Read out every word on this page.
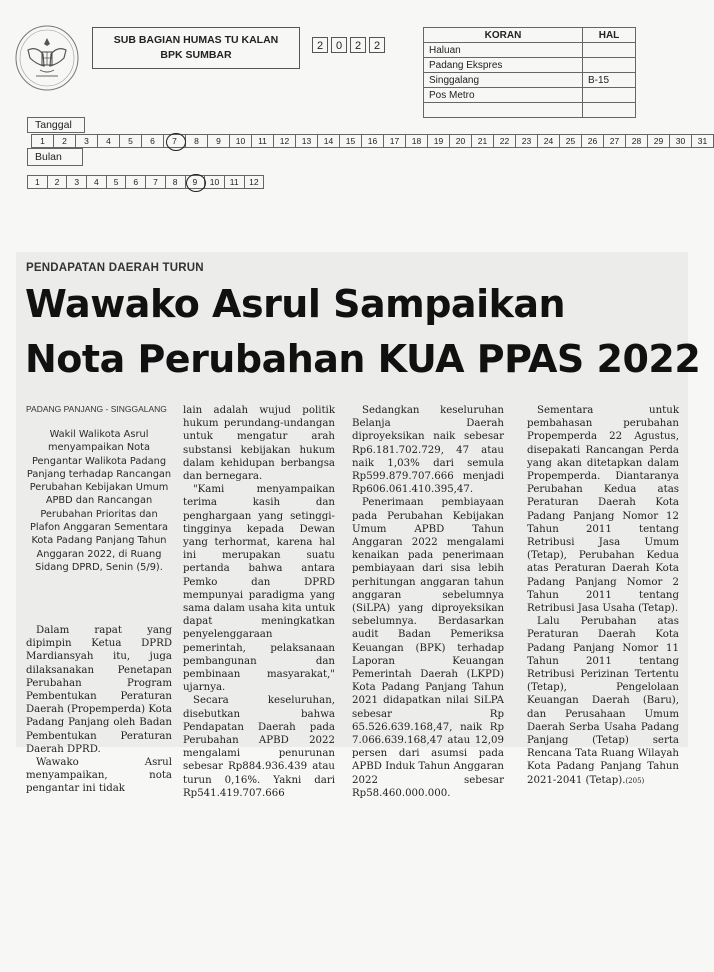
SUB BAGIAN HUMAS TU KALAN
BPK SUMBAR
2	0	2	2
KORAN	HAL
Haluan	
Padang Ekspres	
Singgalang	B-15
Pos Metro	

Tanggal
1	2	3	4	5	6	7	8	9	10	11	12	13	14	15	16	17	18	19	20	21	22	23	24	25	26	27	28	29	30	31
Bulan
1	2	3	4	5	6	7	8	9	10	11	12
PENDAPATAN DAERAH TURUN
Wawako Asrul Sampaikan
Nota Perubahan KUA PPAS 2022
PADANG PANJANG - SINGGALANG
Wakil Walikota Asrul menyampaikan Nota Pengantar Walikota Padang Panjang terhadap Rancangan Perubahan Kebijakan Umum APBD dan Rancangan Perubahan Prioritas dan Plafon Anggaran Sementara Kota Padang Panjang Tahun Anggaran 2022, di Ruang Sidang DPRD, Senin (5/9).

Dalam rapat yang dipimpin Ketua DPRD Mardiansyah itu, juga dilaksanakan Penetapan Perubahan Program Pembentukan Peraturan Daerah (Propemperda) Kota Padang Panjang oleh Badan Pembentukan Peraturan Daerah DPRD.

Wawako Asrul menyampaikan, nota pengantar ini tidak

lain adalah wujud politik hukum perundang-undangan untuk mengatur arah substansi kebijakan hukum dalam kehidupan berbangsa dan bernegara.

"Kami menyampaikan terima kasih dan penghargaan yang setinggi-tingginya kepada Dewan yang terhormat, karena hal ini merupakan suatu pertanda bahwa antara Pemko dan DPRD mempunyai paradigma yang sama dalam usaha kita untuk dapat meningkatkan penyelenggaraan pemerintah, pelaksanaan pembangunan dan pembinaan masyarakat," ujarnya.

Secara keseluruhan, disebutkan bahwa Pendapatan Daerah pada Perubahan APBD 2022 mengalami penurunan sebesar Rp884.936.439 atau turun 0,16%. Yakni dari Rp541.419.707.666

Sedangkan keseluruhan Belanja Daerah diproyeksikan naik sebesar Rp6.181.702.729, 47 atau naik 1,03% dari semula Rp599.879.707.666 menjadi Rp606.061.410.395,47.

Penerimaan pembiayaan pada Perubahan Kebijakan Umum APBD Tahun Anggaran 2022 mengalami kenaikan pada penerimaan pembiayaan dari sisa lebih perhitungan anggaran tahun anggaran sebelumnya (SiLPA) yang diproyeksikan sebelumnya. Berdasarkan audit Badan Pemeriksa Keuangan (BPK) terhadap Laporan Keuangan Pemerintah Daerah (LKPD) Kota Padang Panjang Tahun 2021 didapatkan nilai SiLPA sebesar Rp 65.526.639.168,47, naik Rp 7.066.639.168,47 atau 12,09 persen dari asumsi pada APBD Induk Tahun Anggaran 2022 sebesar Rp58.460.000.000.

Sementara untuk pembahasan perubahan Propemperda 22 Agustus, disepakati Rancangan Perda yang akan ditetapkan dalam Propemperda. Diantaranya Perubahan Kedua atas Peraturan Daerah Kota Padang Panjang Nomor 12 Tahun 2011 tentang Retribusi Jasa Umum (Tetap), Perubahan Kedua atas Peraturan Daerah Kota Padang Panjang Nomor 2 Tahun 2011 tentang Retribusi Jasa Usaha (Tetap).

Lalu Perubahan atas Peraturan Daerah Kota Padang Panjang Nomor 11 Tahun 2011 tentang Retribusi Perizinan Tertentu (Tetap), Pengelolaan Keuangan Daerah (Baru), dan Perusahaan Umum Daerah Serba Usaha Padang Panjang (Tetap) serta Rencana Tata Ruang Wilayah Kota Padang Panjang Tahun 2021-2041 (Tetap).(205)
